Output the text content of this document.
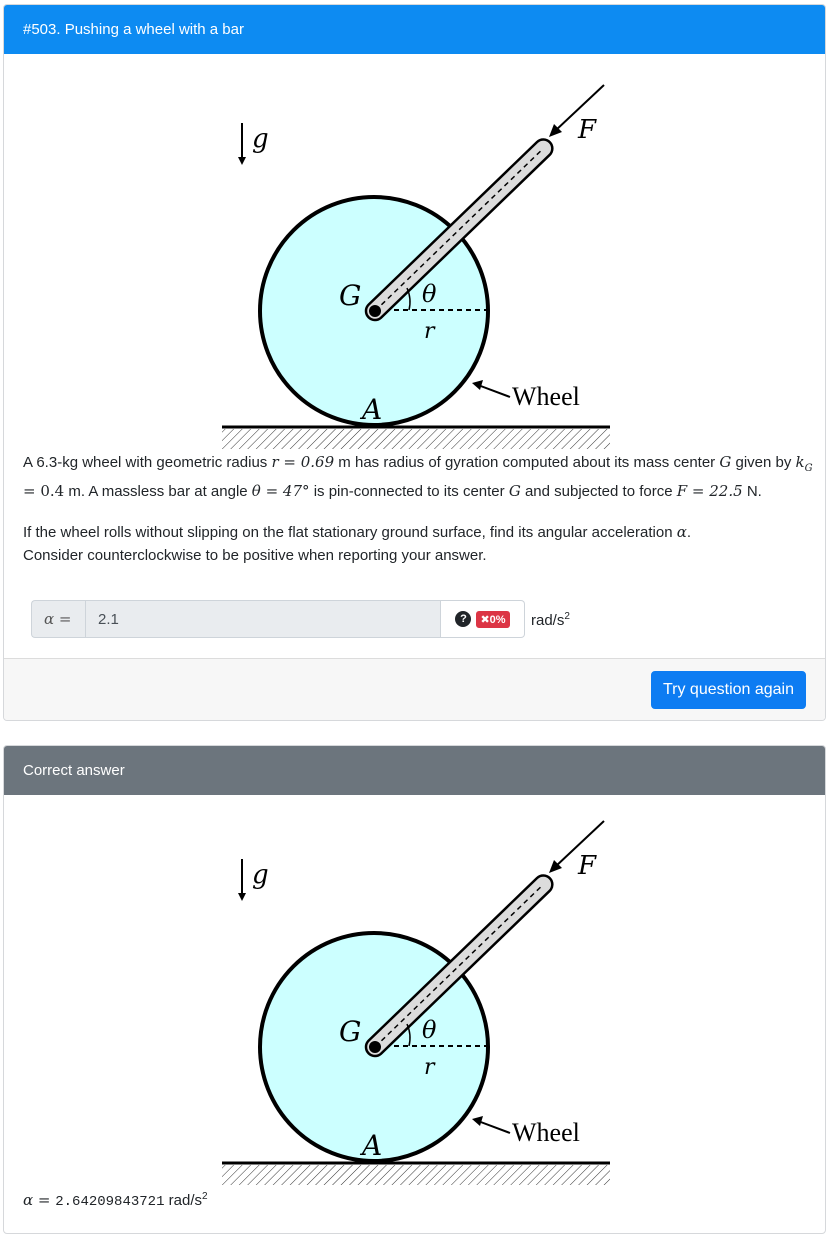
#503. Pushing a wheel with a bar
g	F
G	θ
r
Wheel
A

A 6.3-kg wheel with geometric radius r = 0.69 m has radius of gyration computed about its mass center G given by $k_G = 0.4$ m. A massless bar at angle θ = 47° is pin-connected to its center G and subjected to force F = 22.5 N.

If the wheel rolls without slipping on the flat stationary ground surface, find its angular acceleration α.
Consider counterclockwise to be positive when reporting your answer.

α =
2.1	?	✖0% rad/$s^2$
Try question again
Correct answer
g	F
G	θ
r
Wheel
A
α = 2.64209843721 rad/$s^2$
